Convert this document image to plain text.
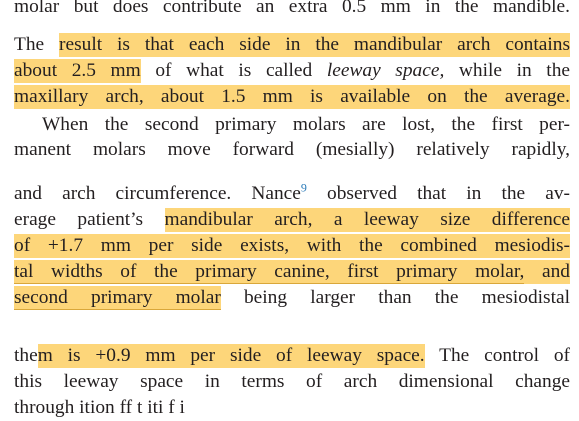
molar but does contribute an extra 0.5 mm in the mandible.
The result is that each side in the mandibular arch contains
about 2.5 mm of what is called leeway space, while in the
maxillary arch, about 1.5 mm is available on the average.
When the second primary molars are lost, the first per-
manent molars move forward (mesially) relatively rapidly,
and arch circumference. Nance$^9$ observed that in the av-
erage patient’s mandibular arch, a leeway size difference
of +1.7 mm per side exists, with the combined mesiodis-
tal widths of the primary canine, first primary molar, and
second primary molar being larger than the mesiodistal
them is +0.9 mm per side of leeway space. The control of
this leeway space in terms of arch dimensional change
through ition ff t iti f i
